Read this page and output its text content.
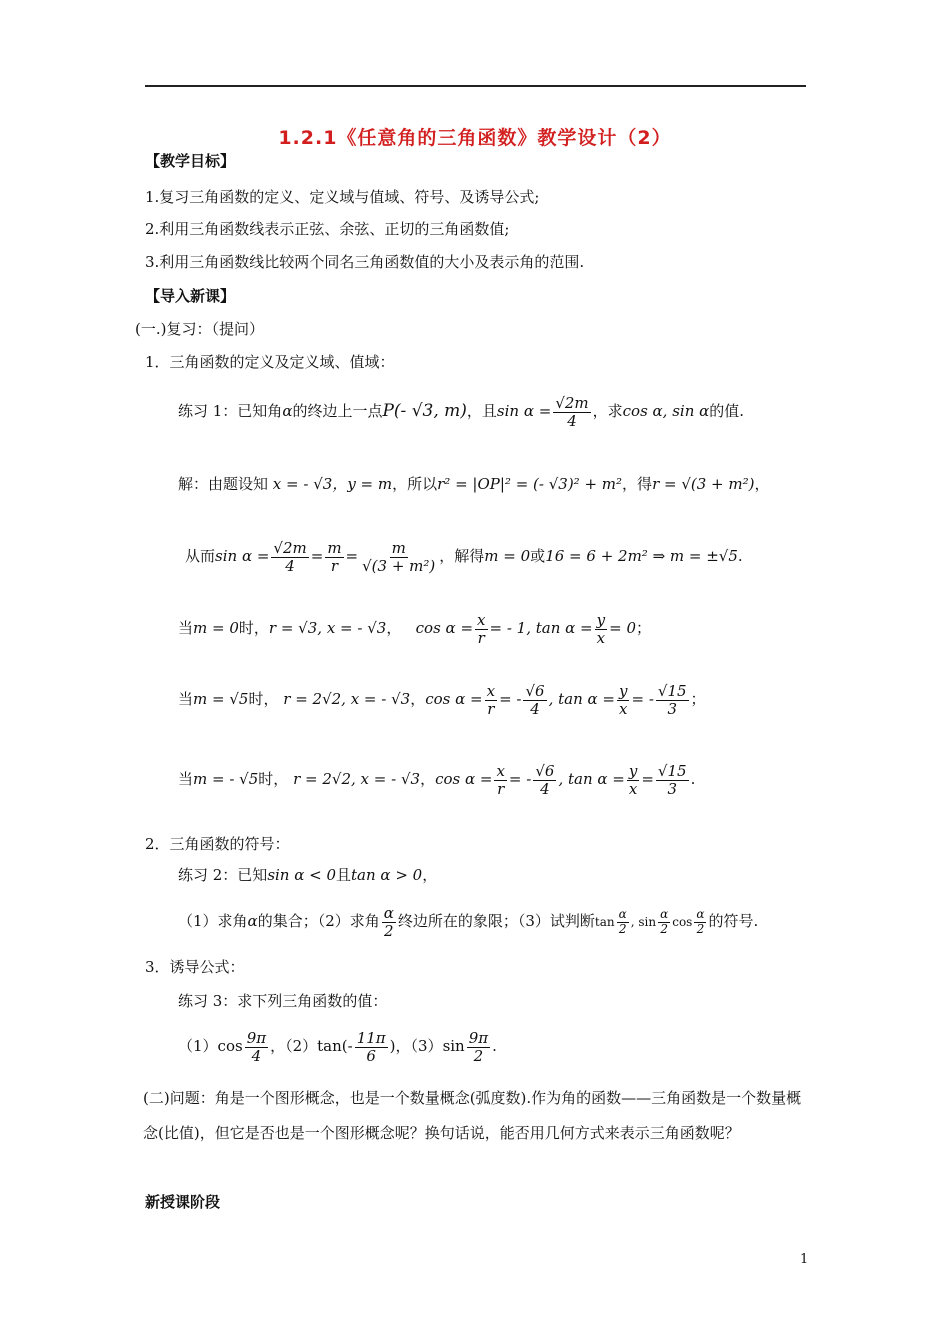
1.2.1《任意角的三角函数》教学设计（2）
【教学目标】
1.复习三角函数的定义、定义域与值域、符号、及诱导公式;
2.利用三角函数线表示正弦、余弦、正切的三角函数值;
3.利用三角函数线比较两个同名三角函数值的大小及表示角的范围.
【导入新课】
(一.)复习：（提问）
1．三角函数的定义及定义域、值域：
练习 1：已知角α的终边上一点P(- √3, m)，且$\sin \alpha = \frac{√2m}{4}$ ，求cos α, sin α的值.
解：由题设知 x = - √3，y = m，所以r² = |OP|² = (- √3)² + m²，得r = √(3 + m²)，
从而$\sin \alpha = \frac{√2m}{4} = \frac{m}{r} = \frac{m}{\text{√(3 + m²)}}$ ，解得m = 0或16 = 6 + 2m² ⇒ m = ±√5.
当m = 0时，r = √3, x = - √3， $\cos \alpha = \frac{x}{r}$ = - 1, $\tan \alpha = \frac{y}{x} = 0$；
当m = √5时， r = 2√2, x = - √3，$\cos \alpha = \frac{x}{r}$ = - $\frac{√6}{4}$ , $\tan \alpha = \frac{y}{x}$ = - $\frac{√15}{3}$ ；
当m = - √5时， r = 2√2, x = - √3，$\cos \alpha = \frac{x}{r}$ = - $\frac{√6}{4}$ , $\tan \alpha = \frac{y}{x} = \frac{√15}{3}$ .
2．三角函数的符号：
练习 2：已知sin α < 0且tan α > 0，
（1）求角α的集合；（2）求角 $\frac{\alpha}{2}$ 终边所在的象限；（3）试判断$\tan \frac{\alpha}{2}$ , $\sin \frac{\alpha}{2}$ $\cos \frac{\alpha}{2}$ 的符号.
3．诱导公式：
练习 3：求下列三角函数的值：
$(1)\cos \frac{9\pi}{4}$ ，$(2)\tan(- \frac{11\pi}{6}$ )，$(3)\sin \frac{9\pi}{2}$ .
(二)问题：角是一个图形概念，也是一个数量概念(弧度数).作为角的函数——三角函数是一个数量概念(比值)，但它是否也是一个图形概念呢？换句话说，能否用几何方式来表示三角函数呢？
新授课阶段
1
